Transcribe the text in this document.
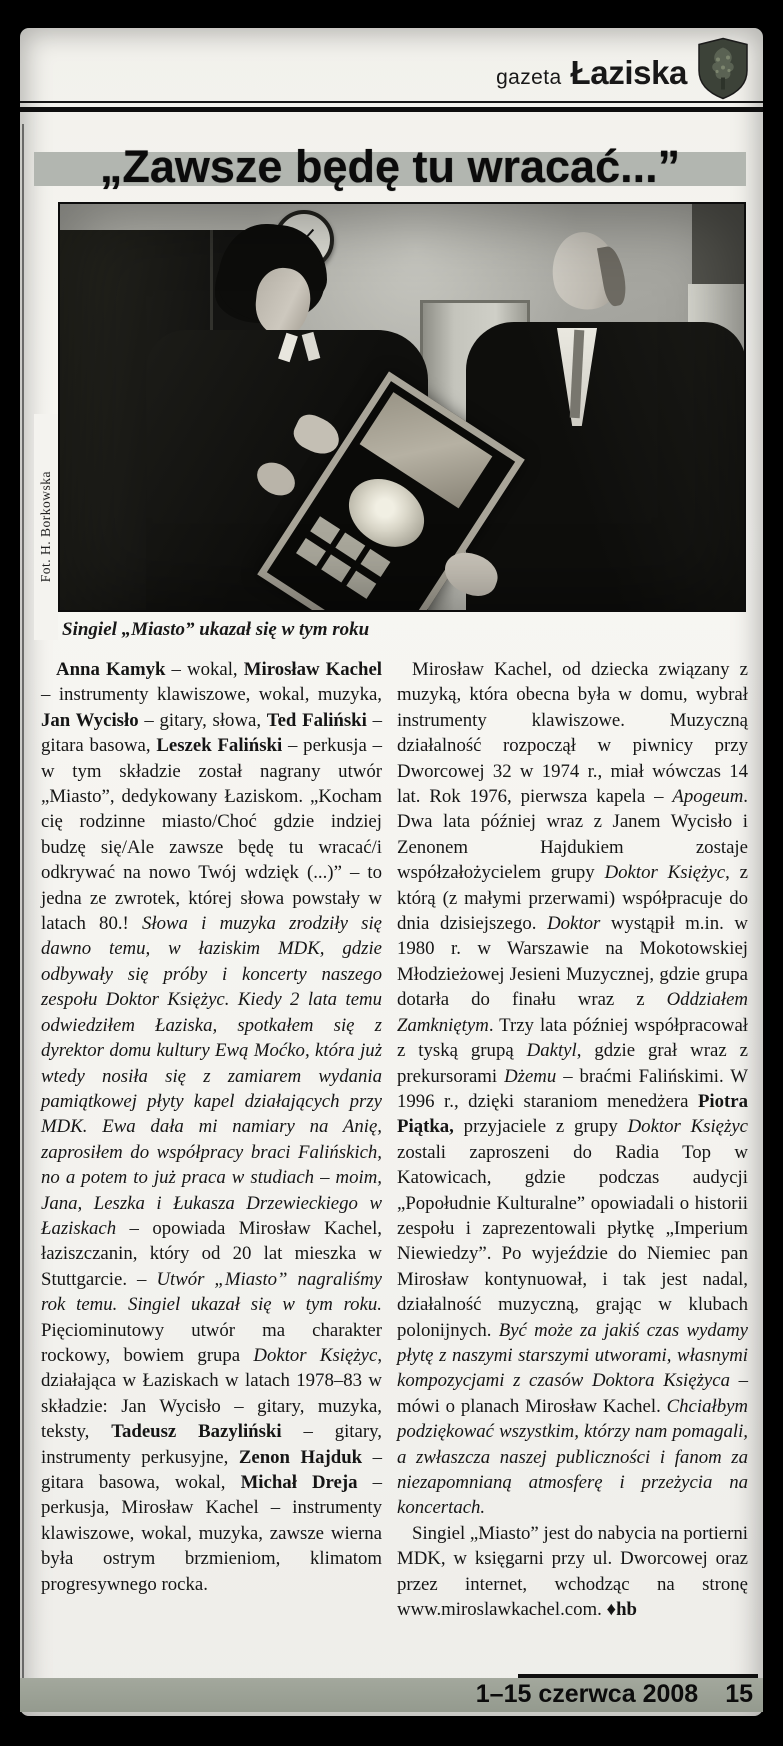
gazeta Łaziska
„Zawsze będę tu wracać...”
Fot. H. Borkowska
Singiel „Miasto” ukazał się w tym roku

Anna Kamyk – wokal, Mirosław Kachel – instrumenty klawiszowe, wokal, muzyka, Jan Wycisło – gitary, słowa, Ted Faliński – gitara basowa, Leszek Faliński – perkusja – w tym składzie został nagrany utwór „Miasto”, dedykowany Łaziskom. „Kocham cię rodzinne miasto/Choć gdzie indziej budzę się/Ale zawsze będę tu wracać/i odkrywać na nowo Twój wdzięk (...)” – to jedna ze zwrotek, której słowa powstały w latach 80.! Słowa i muzyka zrodziły się dawno temu, w łaziskim MDK, gdzie odbywały się próby i koncerty naszego zespołu Doktor Księżyc. Kiedy 2 lata temu odwiedziłem Łaziska, spotkałem się z dyrektor domu kultury Ewą Moćko, która już wtedy nosiła się z zamiarem wydania pamiątkowej płyty kapel działających przy MDK. Ewa dała mi namiary na Anię, zaprosiłem do współpracy braci Falińskich, no a potem to już praca w studiach – moim, Jana, Leszka i Łukasza Drzewieckiego w Łaziskach – opowiada Mirosław Kachel, łaziszczanin, który od 20 lat mieszka w Stuttgarcie. – Utwór „Miasto” nagraliśmy rok temu. Singiel ukazał się w tym roku. Pięciominutowy utwór ma charakter rockowy, bowiem grupa Doktor Księżyc, działająca w Łaziskach w latach 1978–83 w składzie: Jan Wycisło – gitary, muzyka, teksty, Tadeusz Bazyliński – gitary, instrumenty perkusyjne, Zenon Hajduk – gitara basowa, wokal, Michał Dreja – perkusja, Mirosław Kachel – instrumenty klawiszowe, wokal, muzyka, zawsze wierna była ostrym brzmieniom, klimatom progresywnego rocka.

Mirosław Kachel, od dziecka związany z muzyką, która obecna była w domu, wybrał instrumenty klawiszowe. Muzyczną działalność rozpoczął w piwnicy przy Dworcowej 32 w 1974 r., miał wówczas 14 lat. Rok 1976, pierwsza kapela – Apogeum. Dwa lata później wraz z Janem Wycisło i Zenonem Hajdukiem zostaje współzałożycielem grupy Doktor Księżyc, z którą (z małymi przerwami) współpracuje do dnia dzisiejszego. Doktor wystąpił m.in. w 1980 r. w Warszawie na Mokotowskiej Młodzieżowej Jesieni Muzycznej, gdzie grupa dotarła do finału wraz z Oddziałem Zamkniętym. Trzy lata później współpracował z tyską grupą Daktyl, gdzie grał wraz z prekursorami Dżemu – braćmi Falińskimi. W 1996 r., dzięki staraniom menedżera Piotra Piątka, przyjaciele z grupy Doktor Księżyc zostali zaproszeni do Radia Top w Katowicach, gdzie podczas audycji „Popołudnie Kulturalne” opowiadali o historii zespołu i zaprezentowali płytkę „Imperium Niewiedzy”. Po wyjeździe do Niemiec pan Mirosław kontynuował, i tak jest nadal, działalność muzyczną, grając w klubach polonijnych. Być może za jakiś czas wydamy płytę z naszymi starszymi utworami, własnymi kompozycjami z czasów Doktora Księżyca – mówi o planach Mirosław Kachel. Chciałbym podziękować wszystkim, którzy nam pomagali, a zwłaszcza naszej publiczności i fanom za niezapomnianą atmosferę i przeżycia na koncertach.

Singiel „Miasto” jest do nabycia na portierni MDK, w księgarni przy ul. Dworcowej oraz przez internet, wchodząc na stronę www.miroslawkachel.com. ♦hb

1–15 czerwca 2008 15
